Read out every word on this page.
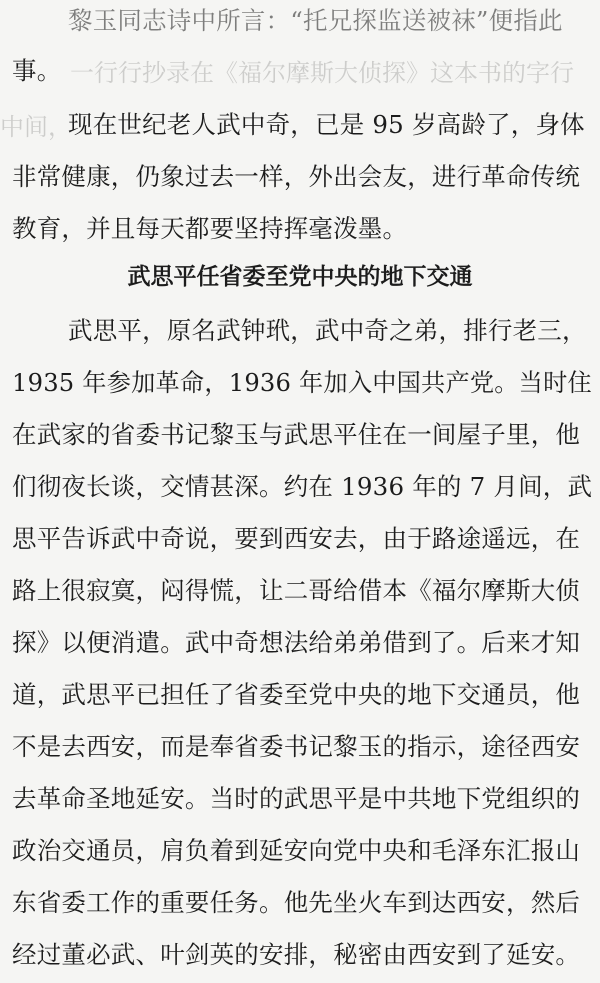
一行行抄录在《福尔摩斯大侦探》这本书的字行
中间，
黎玉同志诗中所言：“托兄探监送被袜”便指此
事。
现在世纪老人武中奇，已是 95 岁高龄了，身体
非常健康，仍象过去一样，外出会友，进行革命传统
教育，并且每天都要坚持挥毫泼墨。
武思平任省委至党中央的地下交通
武思平，原名武钟玳，武中奇之弟，排行老三，
1935 年参加革命，1936 年加入中国共产党。当时住
在武家的省委书记黎玉与武思平住在一间屋子里，他
们彻夜长谈，交情甚深。约在 1936 年的 7 月间，武
思平告诉武中奇说，要到西安去，由于路途遥远，在
路上很寂寞，闷得慌，让二哥给借本《福尔摩斯大侦
探》以便消遣。武中奇想法给弟弟借到了。后来才知
道，武思平已担任了省委至党中央的地下交通员，他
不是去西安，而是奉省委书记黎玉的指示，途径西安
去革命圣地延安。当时的武思平是中共地下党组织的
政治交通员，肩负着到延安向党中央和毛泽东汇报山
东省委工作的重要任务。他先坐火车到达西安，然后
经过董必武、叶剑英的安排，秘密由西安到了延安。
